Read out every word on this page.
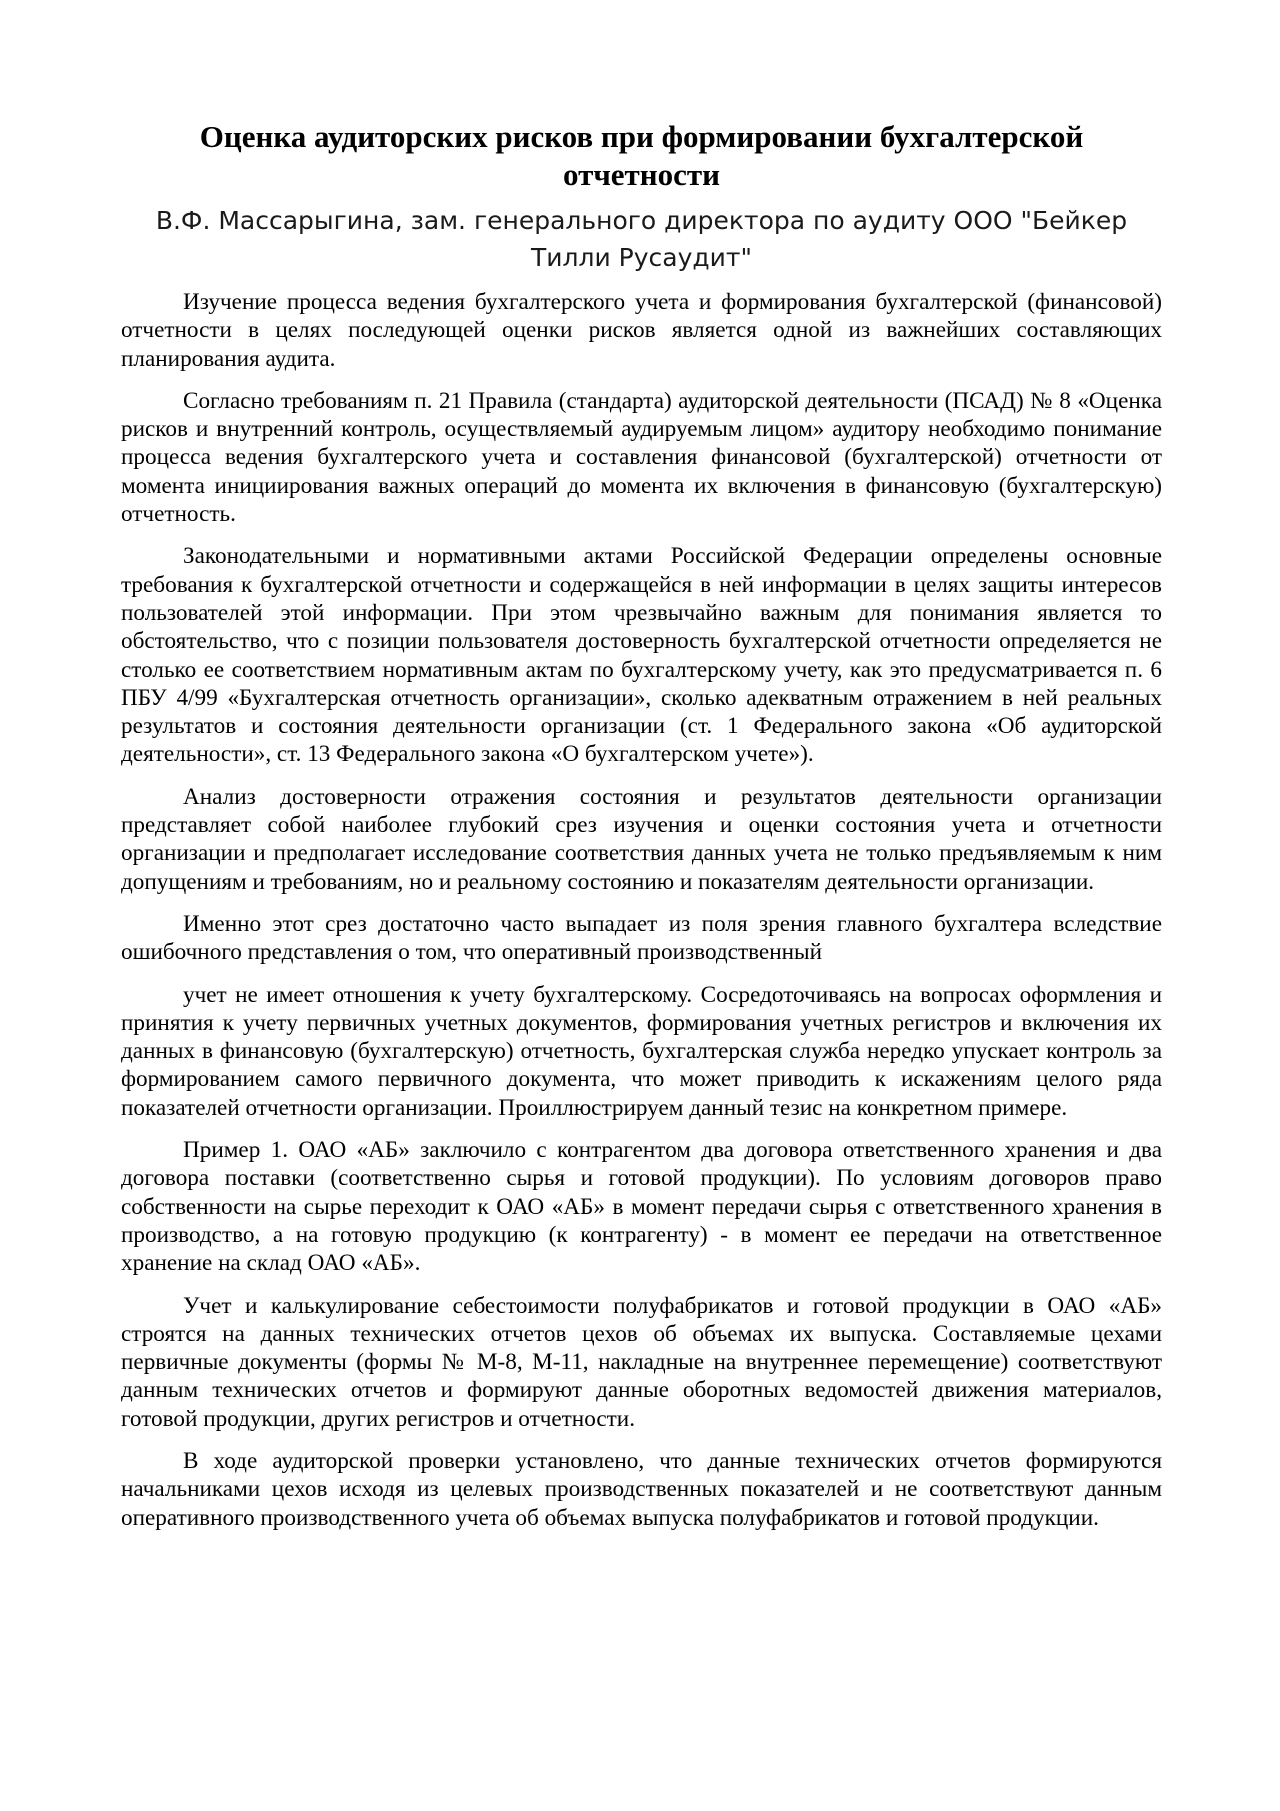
Оценка аудиторских рисков при формировании бухгалтерской отчетности
В.Ф. Массарыгина, зам. генерального директора по аудиту ООО "Бейкер Тилли Русаудит"

Изучение процесса ведения бухгалтерского учета и формирования бухгалтерской (финансовой) отчетности в целях последующей оценки рисков является одной из важнейших составляющих планирования аудита.

Согласно требованиям п. 21 Правила (стандарта) аудиторской деятельности (ПСАД) № 8 «Оценка рисков и внутренний контроль, осуществляемый аудируемым лицом» аудитору необходимо понимание процесса ведения бухгалтерского учета и составления финансовой (бухгалтерской) отчетности от момента инициирования важных операций до момента их включения в финансовую (бухгалтерскую) отчетность.

Законодательными и нормативными актами Российской Федерации определены основные требования к бухгалтерской отчетности и содержащейся в ней информации в целях защиты интересов пользователей этой информации. При этом чрезвычайно важным для понимания является то обстоятельство, что с позиции пользователя достоверность бухгалтерской отчетности определяется не столько ее соответствием нормативным актам по бухгалтерскому учету, как это предусматривается п. 6 ПБУ 4/99 «Бухгалтерская отчетность организации», сколько адекватным отражением в ней реальных результатов и состояния деятельности организации (ст. 1 Федерального закона «Об аудиторской деятельности», ст. 13 Федерального закона «О бухгалтерском учете»).

Анализ достоверности отражения состояния и результатов деятельности организации представляет собой наиболее глубокий срез изучения и оценки состояния учета и отчетности организации и предполагает исследование соответствия данных учета не только предъявляемым к ним допущениям и требованиям, но и реальному состоянию и показателям деятельности организации.

Именно этот срез достаточно часто выпадает из поля зрения главного бухгалтера вследствие ошибочного представления о том, что оперативный производственный

учет не имеет отношения к учету бухгалтерскому. Сосредоточиваясь на вопросах оформления и принятия к учету первичных учетных документов, формирования учетных регистров и включения их данных в финансовую (бухгалтерскую) отчетность, бухгалтерская служба нередко упускает контроль за формированием самого первичного документа, что может приводить к искажениям целого ряда показателей отчетности организации. Проиллюстрируем данный тезис на конкретном примере.

Пример 1. ОАО «АБ» заключило с контрагентом два договора ответственного хранения и два договора поставки (соответственно сырья и готовой продукции). По условиям договоров право собственности на сырье переходит к ОАО «АБ» в момент передачи сырья с ответственного хранения в производство, а на готовую продукцию (к контрагенту) - в момент ее передачи на ответственное хранение на склад ОАО «АБ».

Учет и калькулирование себестоимости полуфабрикатов и готовой продукции в ОАО «АБ» строятся на данных технических отчетов цехов об объемах их выпуска. Составляемые цехами первичные документы (формы № М-8, М-11, накладные на внутреннее перемещение) соответствуют данным технических отчетов и формируют данные оборотных ведомостей движения материалов, готовой продукции, других регистров и отчетности.

В ходе аудиторской проверки установлено, что данные технических отчетов формируются начальниками цехов исходя из целевых производственных показателей и не соответствуют данным оперативного производственного учета об объемах выпуска полуфабрикатов и готовой продукции.
